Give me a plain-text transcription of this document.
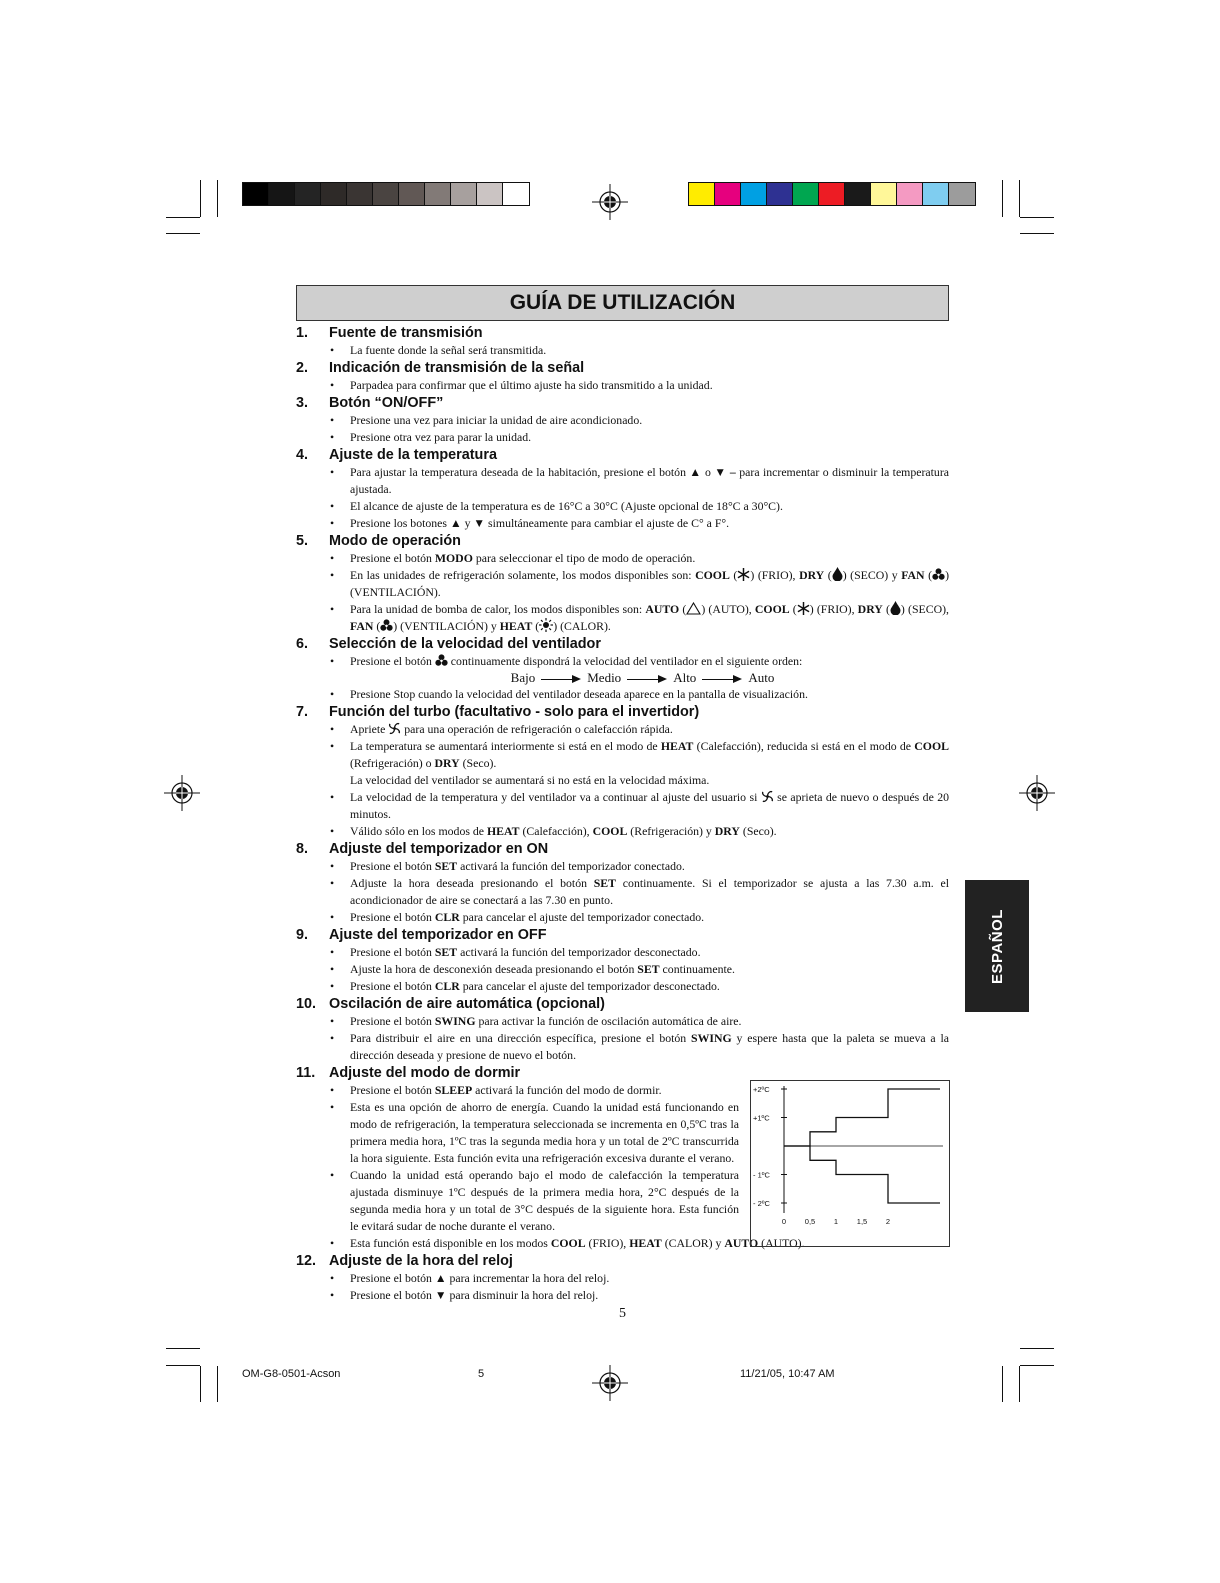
GUÍA DE UTILIZACIÓN
ESPAÑOL
1. Fuente de transmisión
• La fuente donde la señal será transmitida.
2. Indicación de transmisión de la señal
• Parpadea para confirmar que el último ajuste ha sido transmitido a la unidad.
3. Botón “ON/OFF”
• Presione una vez para iniciar la unidad de aire acondicionado.
• Presione otra vez para parar la unidad.
4. Ajuste de la temperatura
• Para ajustar la temperatura deseada de la habitación, presione el botón ▲ o ▼ – para incrementar o disminuir la temperatura ajustada.
• El alcance de ajuste de la temperatura es de 16°C a 30°C (Ajuste opcional de 18°C a 30°C).
• Presione los botones ▲ y ▼ simultáneamente para cambiar el ajuste de C° a F°.
5. Modo de operación
• Presione el botón MODO para seleccionar el tipo de modo de operación.
• En las unidades de refrigeración solamente, los modos disponibles son: COOL ( ) (FRIO), DRY ( ) (SECO) y FAN ( ) (VENTILACIÓN).
• Para la unidad de bomba de calor, los modos disponibles son: AUTO ( ) (AUTO), COOL ( ) (FRIO), DRY ( ) (SECO), FAN ( ) (VENTILACIÓN) y HEAT ( ) (CALOR).
6. Selección de la velocidad del ventilador
• Presione el botón  continuamente dispondrá la velocidad del ventilador en el siguiente orden:
Bajo	Medio	Alto	Auto
• Presione Stop cuando la velocidad del ventilador deseada aparece en la pantalla de visualización.
7. Función del turbo (facultativo - solo para el invertidor)
• Apriete  para una operación de refrigeración o calefacción rápida.
• La temperatura se aumentará interiormente si está en el modo de HEAT (Calefacción), reducida si está en el modo de COOL (Refrigeración) o DRY (Seco).
La velocidad del ventilador se aumentará si no está en la velocidad máxima.
• La velocidad de la temperatura y del ventilador va a continuar al ajuste del usuario si  se aprieta de nuevo o después de 20 minutos.
• Válido sólo en los modos de HEAT (Calefacción), COOL (Refrigeración) y DRY (Seco).
8. Adjuste del temporizador en ON
• Presione el botón SET activará la función del temporizador conectado.
• Adjuste la hora deseada presionando el botón SET continuamente. Si el temporizador se ajusta a las 7.30 a.m. el acondicionador de aire se conectará a las 7.30 en punto.
• Presione el botón CLR para cancelar el ajuste del temporizador conectado.
9. Ajuste del temporizador en OFF
• Presione el botón SET activará la función del temporizador desconectado.
• Ajuste la hora de desconexión deseada presionando el botón SET continuamente.
• Presione el botón CLR para cancelar el ajuste del temporizador desconectado.
10. Oscilación de aire automática (opcional)
• Presione el botón SWING para activar la función de oscilación automática de aire.
• Para distribuir el aire en una dirección específica, presione el botón SWING y espere hasta que la paleta se mueva a la dirección deseada y presione de nuevo el botón.
11. Adjuste del modo de dormir
• Presione el botón SLEEP activará la función del modo de dormir.
• Esta es una opción de ahorro de energía. Cuando la unidad está funcionando en modo de refrigeración, la temperatura seleccionada se incrementa en 0,5ºC tras la primera media hora, 1ºC tras la segunda media hora y un total de 2ºC transcurrida la hora siguiente. Esta función evita una refrigeración excesiva durante el verano.
• Cuando la unidad está operando bajo el modo de calefacción la temperatura ajustada disminuye 1ºC después de la primera media hora, 2°C después de la segunda media hora y un total de 3°C después de la siguiente hora. Esta función le evitará sudar de noche durante el verano.
• Esta función está disponible en los modos COOL (FRIO), HEAT (CALOR) y AUTO (AUTO).
12. Adjuste de la hora del reloj
• Presione el botón ▲ para incrementar la hora del reloj.
• Presione el botón ▼ para disminuir la hora del reloj.
+2ºC
+1ºC
- 1ºC
- 2ºC
0 0,5 1 1,5 2
5
OM-G8-0501-Acson	5	11/21/05, 10:47 AM
